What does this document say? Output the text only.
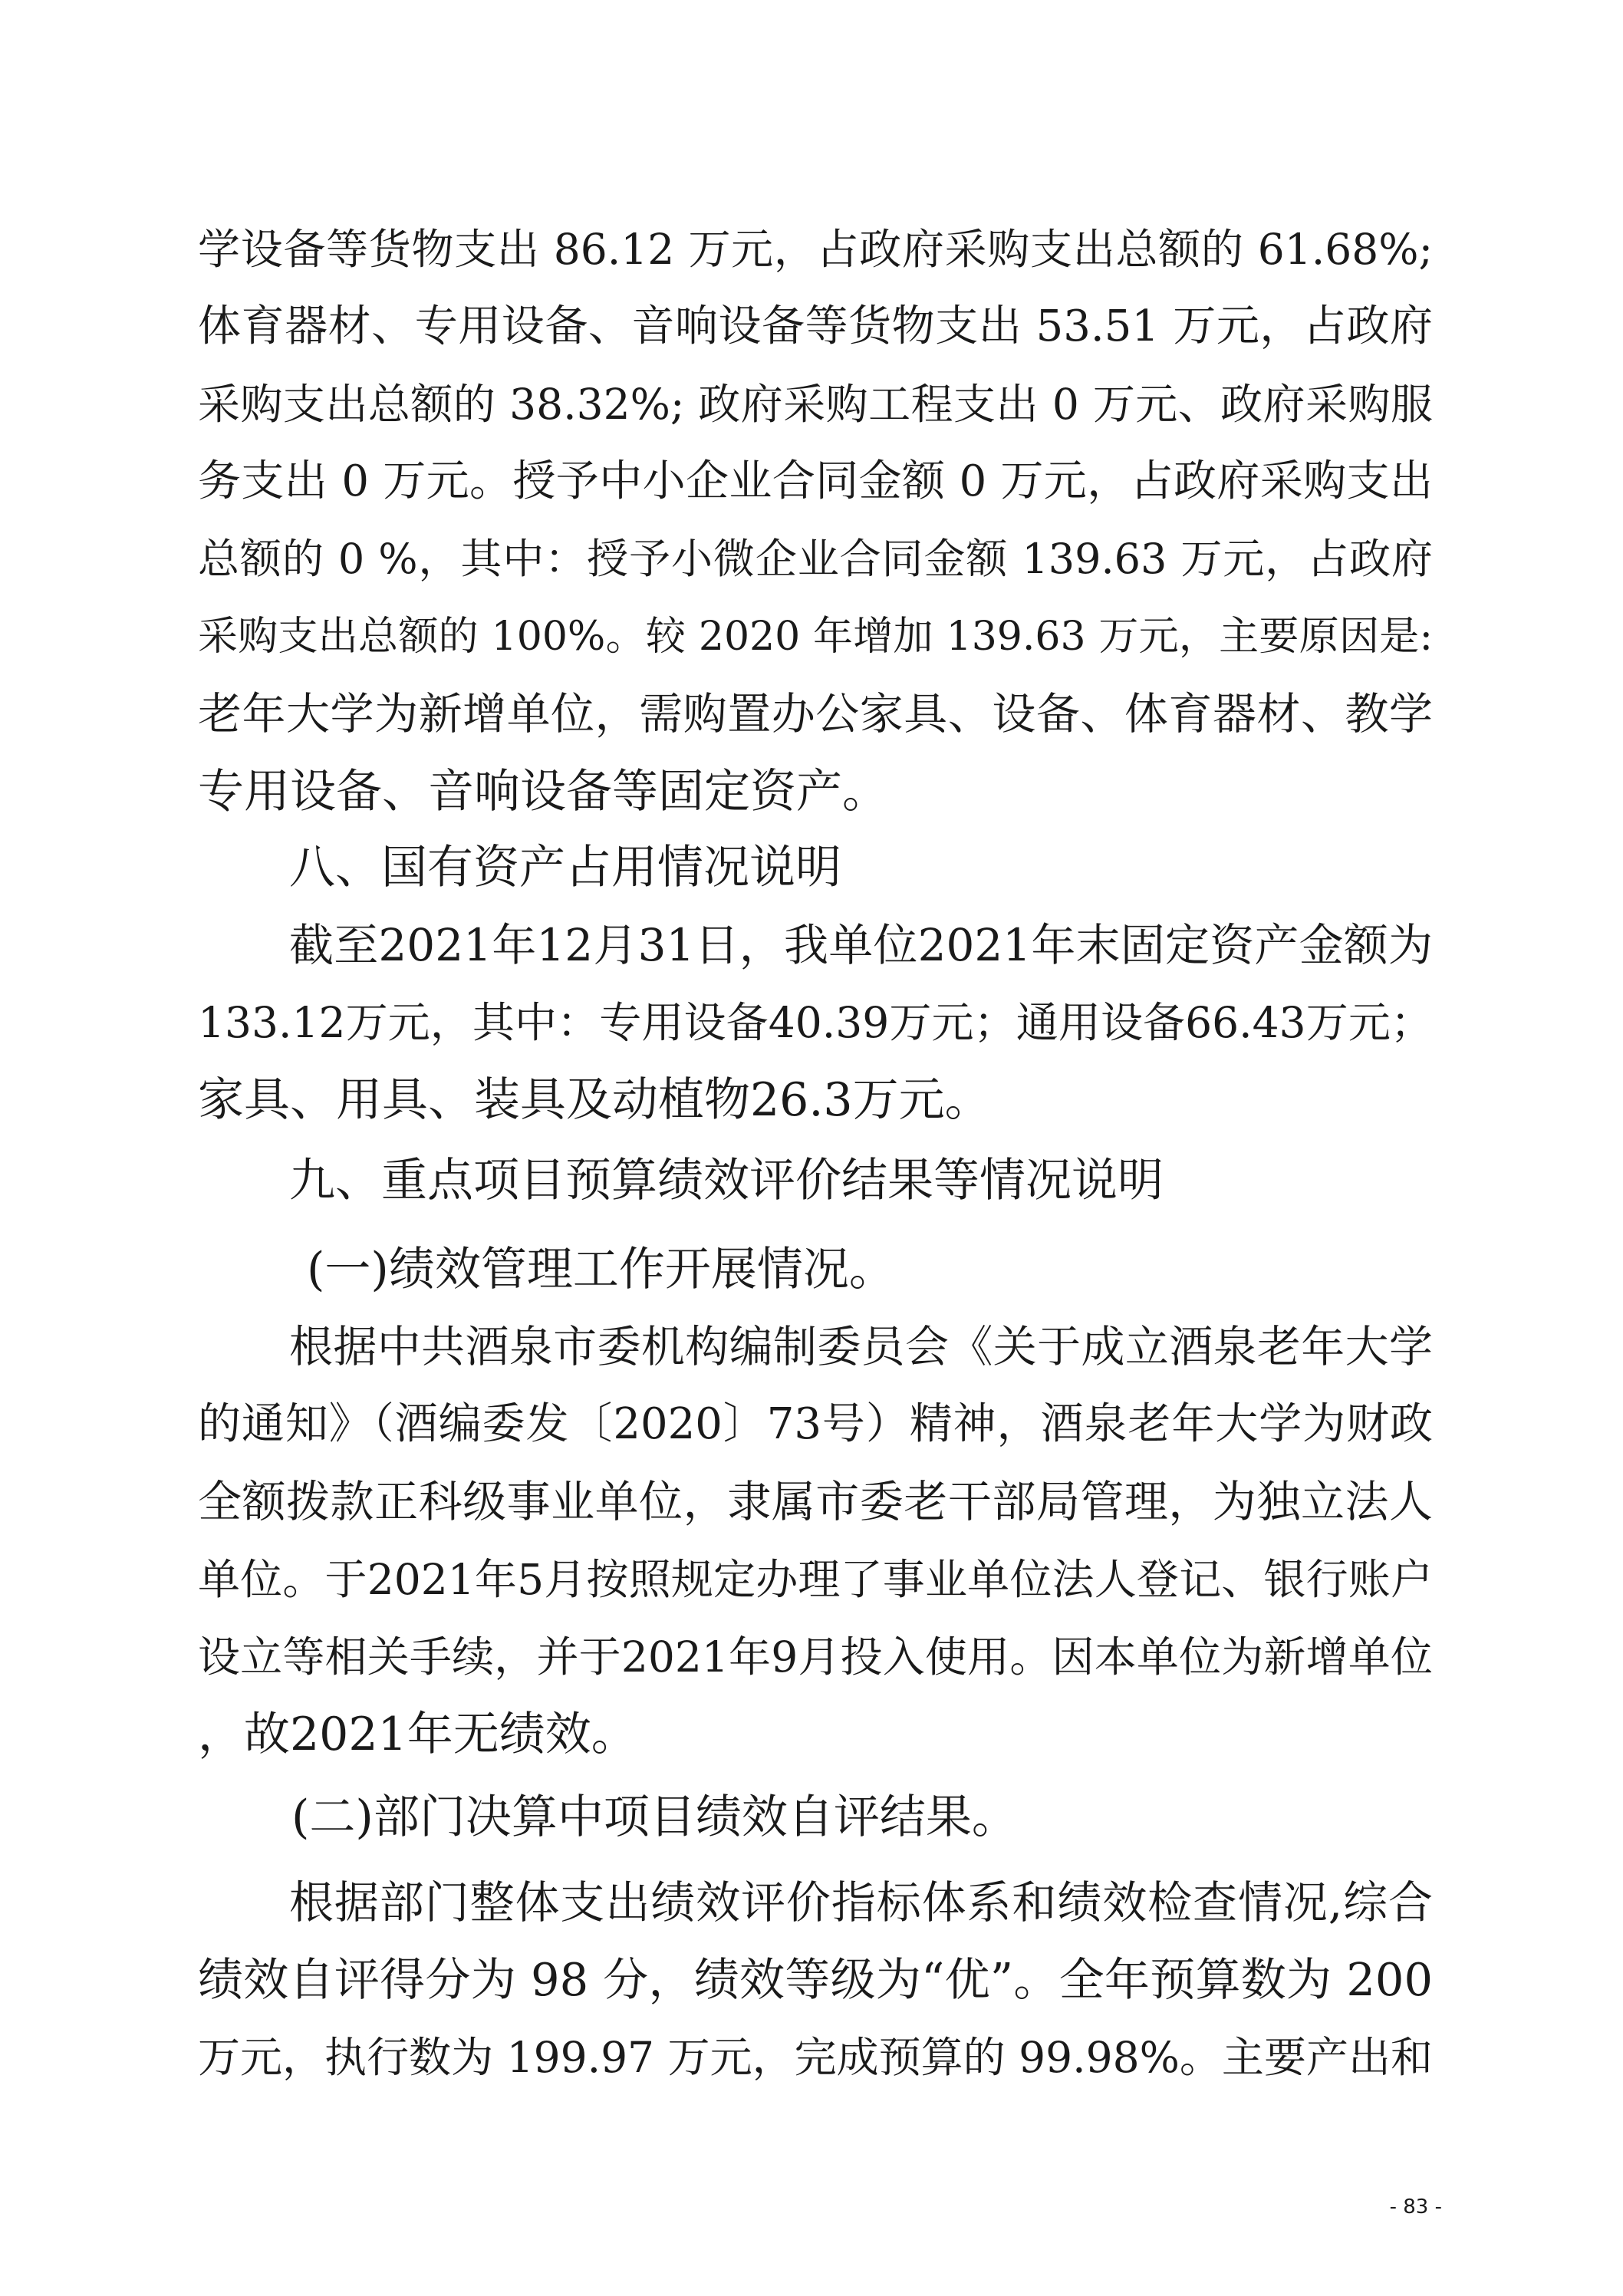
学设备等货物支出 86.12 万元，占政府采购支出总额的 61.68%;
体育器材、专用设备、音响设备等货物支出 53.51 万元，占政府
采购支出总额的 38.32%; 政府采购工程支出 0 万元、政府采购服
务支出 0 万元。授予中小企业合同金额 0 万元，占政府采购支出
总额的 0 %，其中：授予小微企业合同金额 139.63 万元，占政府
采购支出总额的 100%。较 2020 年增加 139.63 万元，主要原因是:
老年大学为新增单位，需购置办公家具、设备、体育器材、教学
专用设备、音响设备等固定资产。
八、国有资产占用情况说明
截至2021年12月31日，我单位2021年末固定资产金额为
133.12万元，其中：专用设备40.39万元；通用设备66.43万元；
家具、用具、装具及动植物26.3万元。
九、重点项目预算绩效评价结果等情况说明
(一)绩效管理工作开展情况。
根据中共酒泉市委机构编制委员会《关于成立酒泉老年大学
的通知》（酒编委发〔2020〕73号）精神，酒泉老年大学为财政
全额拨款正科级事业单位，隶属市委老干部局管理，为独立法人
单位。于2021年5月按照规定办理了事业单位法人登记、银行账户
设立等相关手续，并于2021年9月投入使用。因本单位为新增单位
，故2021年无绩效。
(二)部门决算中项目绩效自评结果。
根据部门整体支出绩效评价指标体系和绩效检查情况,综合
绩效自评得分为 98 分，绩效等级为“优”。全年预算数为 200
万元，执行数为 199.97 万元，完成预算的 99.98%。主要产出和
- 83 -
